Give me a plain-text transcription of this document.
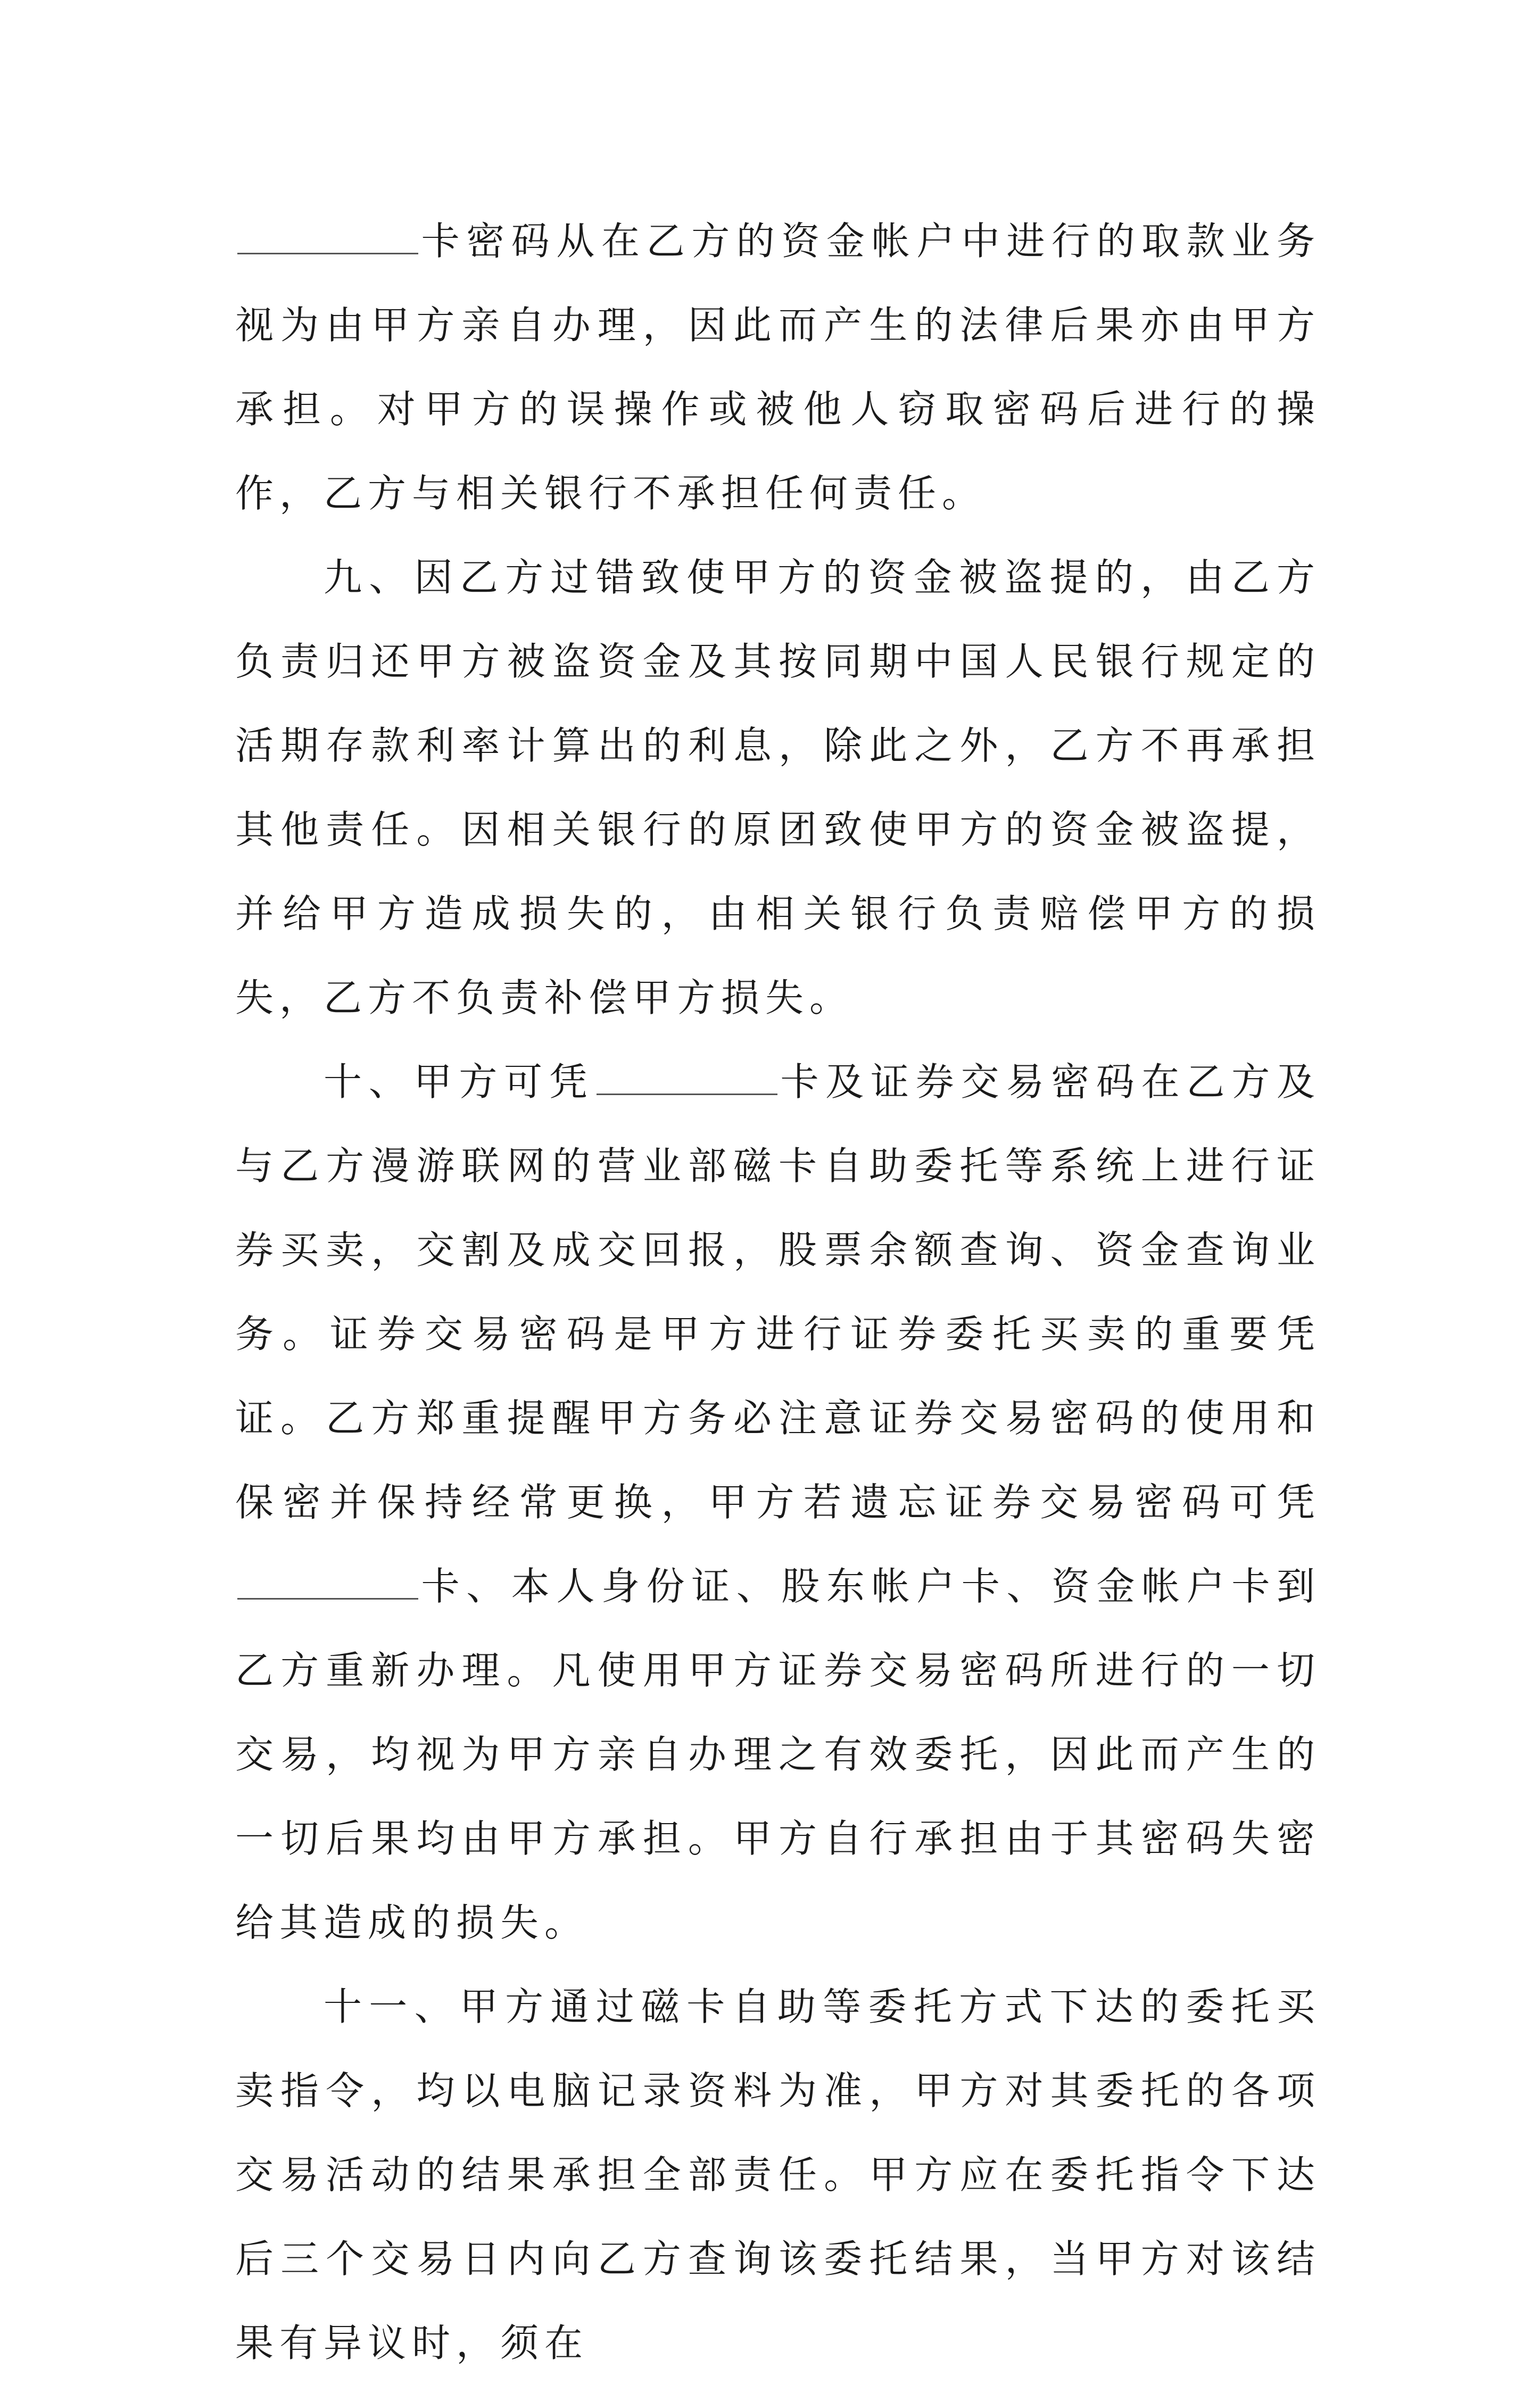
卡密码从在乙方的资金帐户中进行的取款业务视为由甲方亲自办理，因此而产生的法律后果亦由甲方承担。对甲方的误操作或被他人窃取密码后进行的操作，乙方与相关银行不承担任何责任。

九、因乙方过错致使甲方的资金被盗提的，由乙方负责归还甲方被盗资金及其按同期中国人民银行规定的活期存款利率计算出的利息，除此之外，乙方不再承担其他责任。因相关银行的原团致使甲方的资金被盗提，并给甲方造成损失的，由相关银行负责赔偿甲方的损失，乙方不负责补偿甲方损失。

十、甲方可凭	卡及证券交易密码在乙方及与乙方漫游联网的营业部磁卡自助委托等系统上进行证券买卖，交割及成交回报，股票余额查询、资金查询业务。证券交易密码是甲方进行证券委托买卖的重要凭证。乙方郑重提醒甲方务必注意证券交易密码的使用和保密并保持经常更换，甲方若遗忘证券交易密码可凭卡、本人身份证、股东帐户卡、资金帐户卡到乙方重新办理。凡使用甲方证券交易密码所进行的一切交易，均视为甲方亲自办理之有效委托，因此而产生的一切后果均由甲方承担。甲方自行承担由于其密码失密给其造成的损失。

十一、甲方通过磁卡自助等委托方式下达的委托买卖指令，均以电脑记录资料为准，甲方对其委托的各项交易活动的结果承担全部责任。甲方应在委托指令下达后三个交易日内向乙方查询该委托结果，当甲方对该结果有异议时，须在
